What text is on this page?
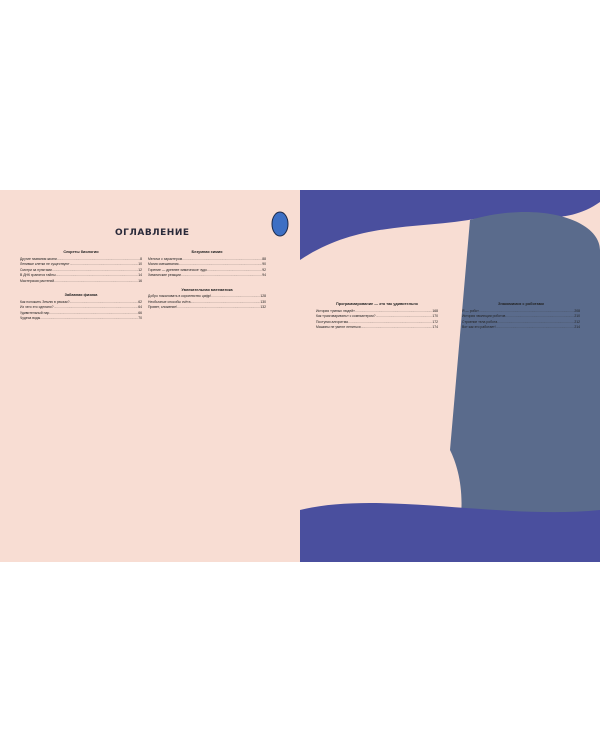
ОГЛАВЛЕНИЕ
Секреты биологии
Другие названия жизни .....	8
Ленивые клетки не существуют .....	10
Смотри за пунктами .....	12
В ДНК хранятся тайны .....	14
Мастерская растений .....	16
Забавная физика
Как положить Землю в рюкзак? .....	62
Из чего это сделано? .....	64
Удивительный пар .....	66
Чудеса воды .....	70
Безумная химия
Мелочи с характером .....	88
Магия смешивания .....	90
Горение — древнее химическое чудо .....	92
Химические реакции .....	94
Увлекательная математика
Добро пожаловать в королевство цифр! .....	128
Необычные способы счёта .....	130
Привет, сложение! .....	132
Программирование — это так удивительно
История «умных людей» .....	168
Как «разговаривать» с компьютером? .....	170
Поступки алгоритма .....	172
Машины не умеют лениться .....	174
Знакомимся с роботами
Я — робот .....	208
История эволюции роботов .....	210
Строение тела робота .....	212
Вот как это работает! .....	214
